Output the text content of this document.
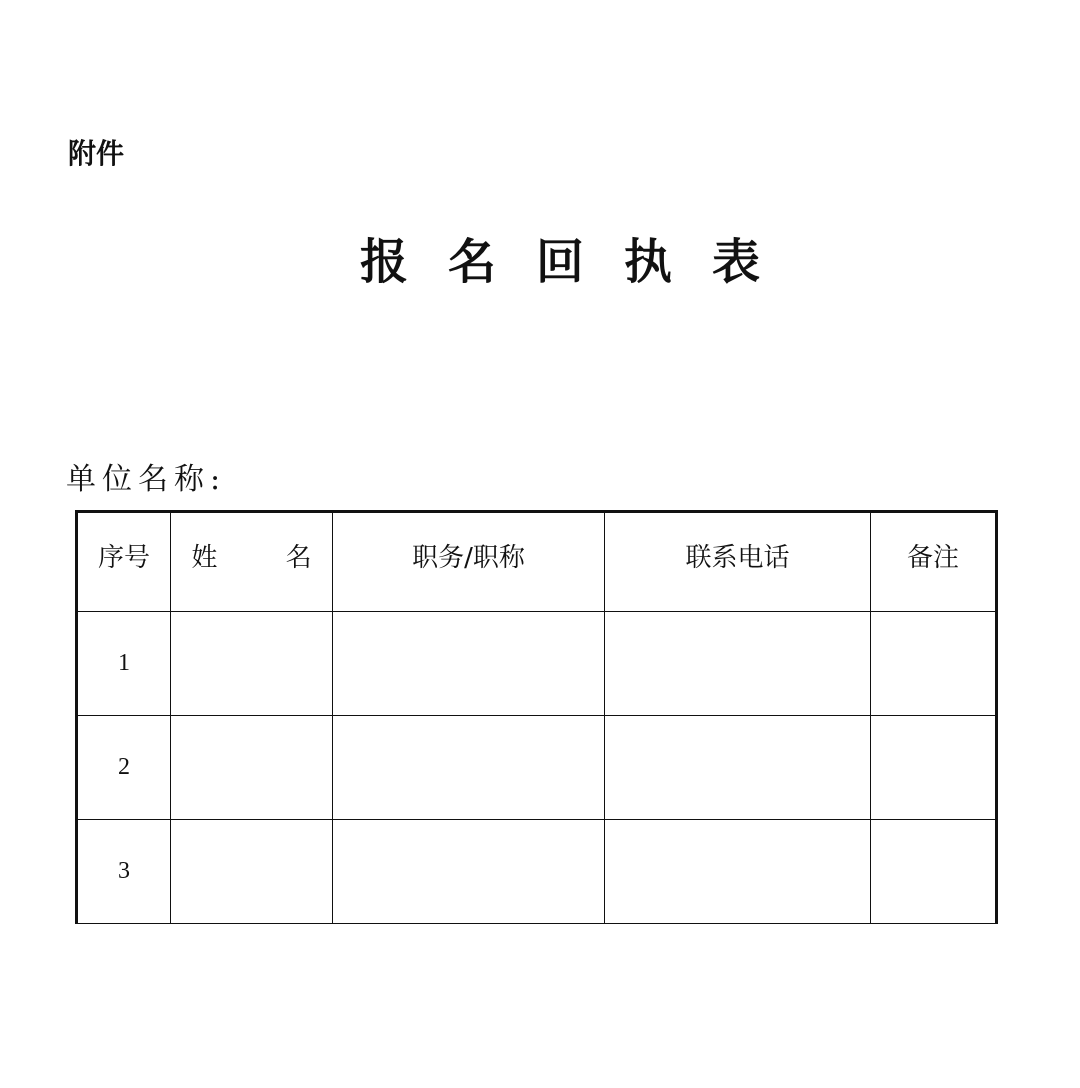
附件
报名回执表
单位名称:
序号	姓 名	职务/职称	联系电话	备注
1				
2				
3				
